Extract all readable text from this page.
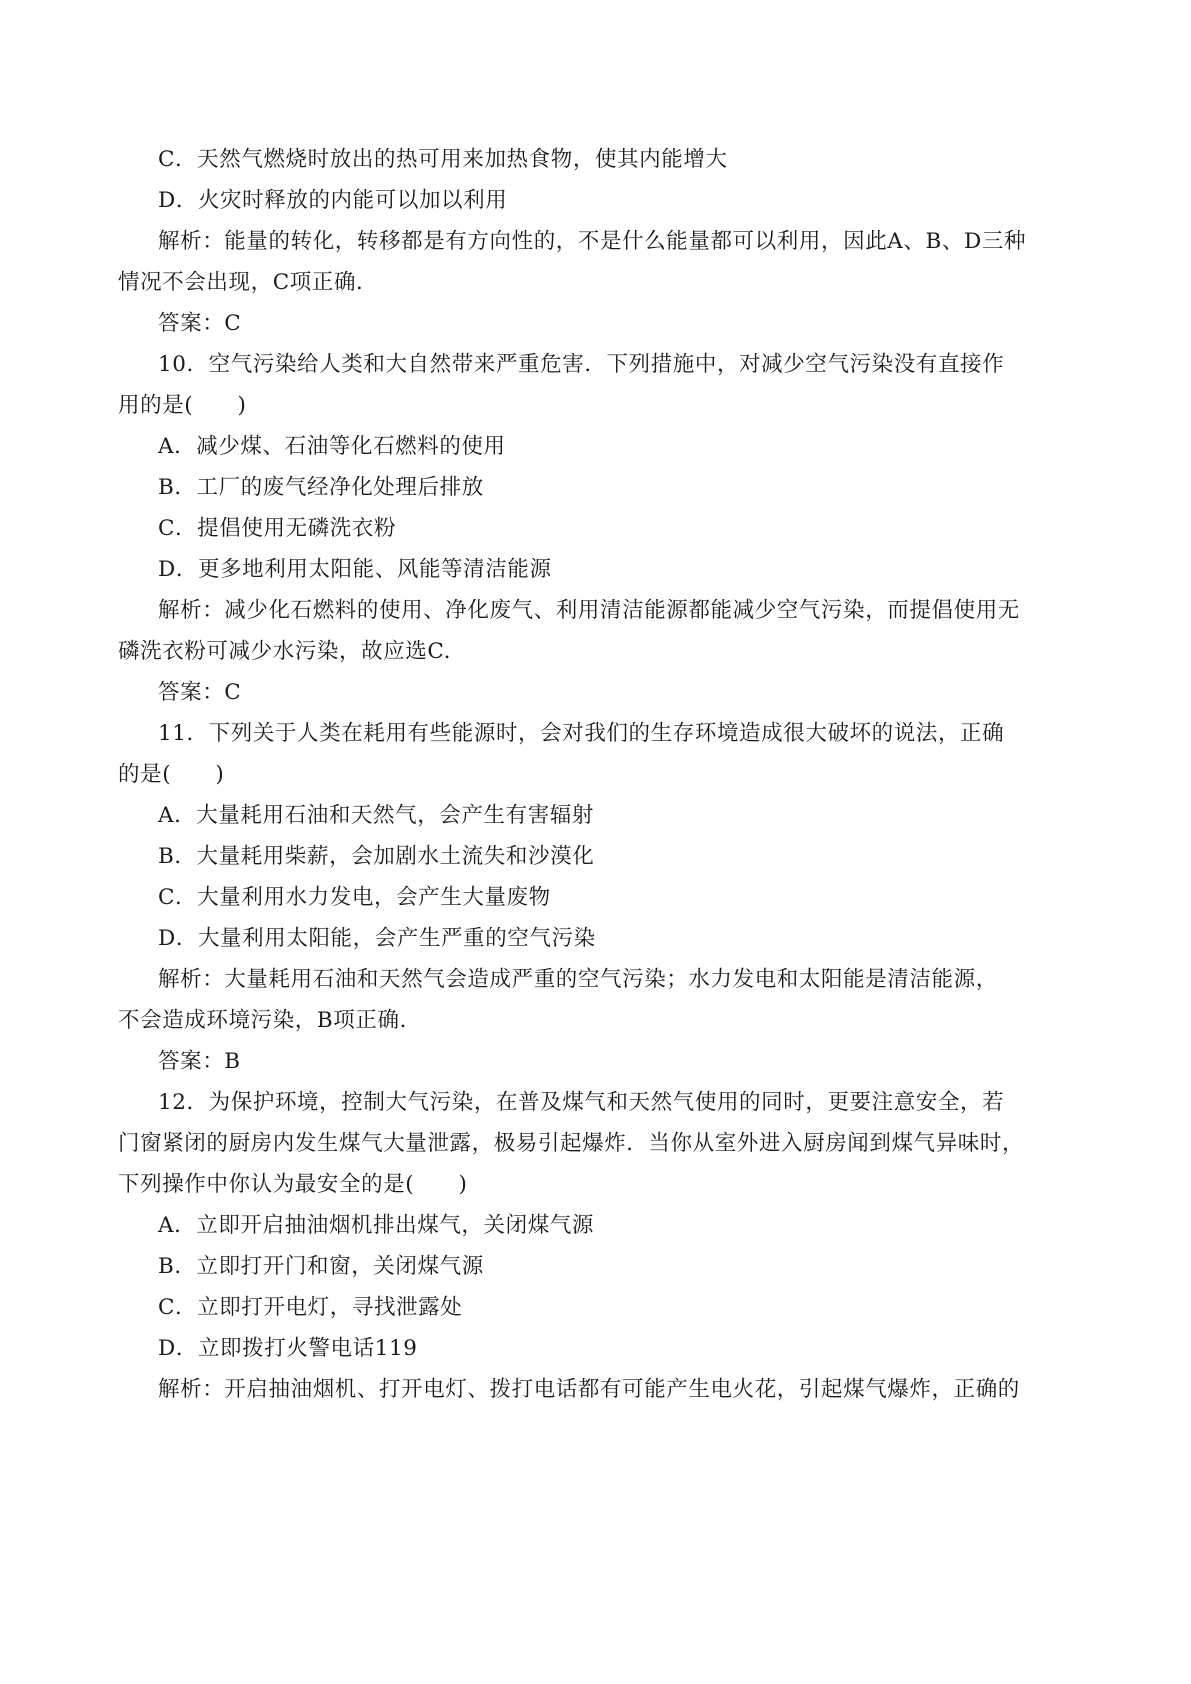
C．天然气燃烧时放出的热可用来加热食物，使其内能增大
D．火灾时释放的内能可以加以利用
解析：能量的转化，转移都是有方向性的，不是什么能量都可以利用，因此A、B、D三种
情况不会出现，C项正确．
答案：C
10．空气污染给人类和大自然带来严重危害．下列措施中，对减少空气污染没有直接作
用的是(　　)
A．减少煤、石油等化石燃料的使用
B．工厂的废气经净化处理后排放
C．提倡使用无磷洗衣粉
D．更多地利用太阳能、风能等清洁能源
解析：减少化石燃料的使用、净化废气、利用清洁能源都能减少空气污染，而提倡使用无
磷洗衣粉可减少水污染，故应选C.
答案：C
11．下列关于人类在耗用有些能源时，会对我们的生存环境造成很大破坏的说法，正确
的是(　　)
A．大量耗用石油和天然气，会产生有害辐射
B．大量耗用柴薪，会加剧水土流失和沙漠化
C．大量利用水力发电，会产生大量废物
D．大量利用太阳能，会产生严重的空气污染
解析：大量耗用石油和天然气会造成严重的空气污染；水力发电和太阳能是清洁能源，
不会造成环境污染，B项正确．
答案：B
12．为保护环境，控制大气污染，在普及煤气和天然气使用的同时，更要注意安全，若
门窗紧闭的厨房内发生煤气大量泄露，极易引起爆炸．当你从室外进入厨房闻到煤气异味时，
下列操作中你认为最安全的是(　　)
A．立即开启抽油烟机排出煤气，关闭煤气源
B．立即打开门和窗，关闭煤气源
C．立即打开电灯，寻找泄露处
D．立即拨打火警电话119
解析：开启抽油烟机、打开电灯、拨打电话都有可能产生电火花，引起煤气爆炸，正确的
